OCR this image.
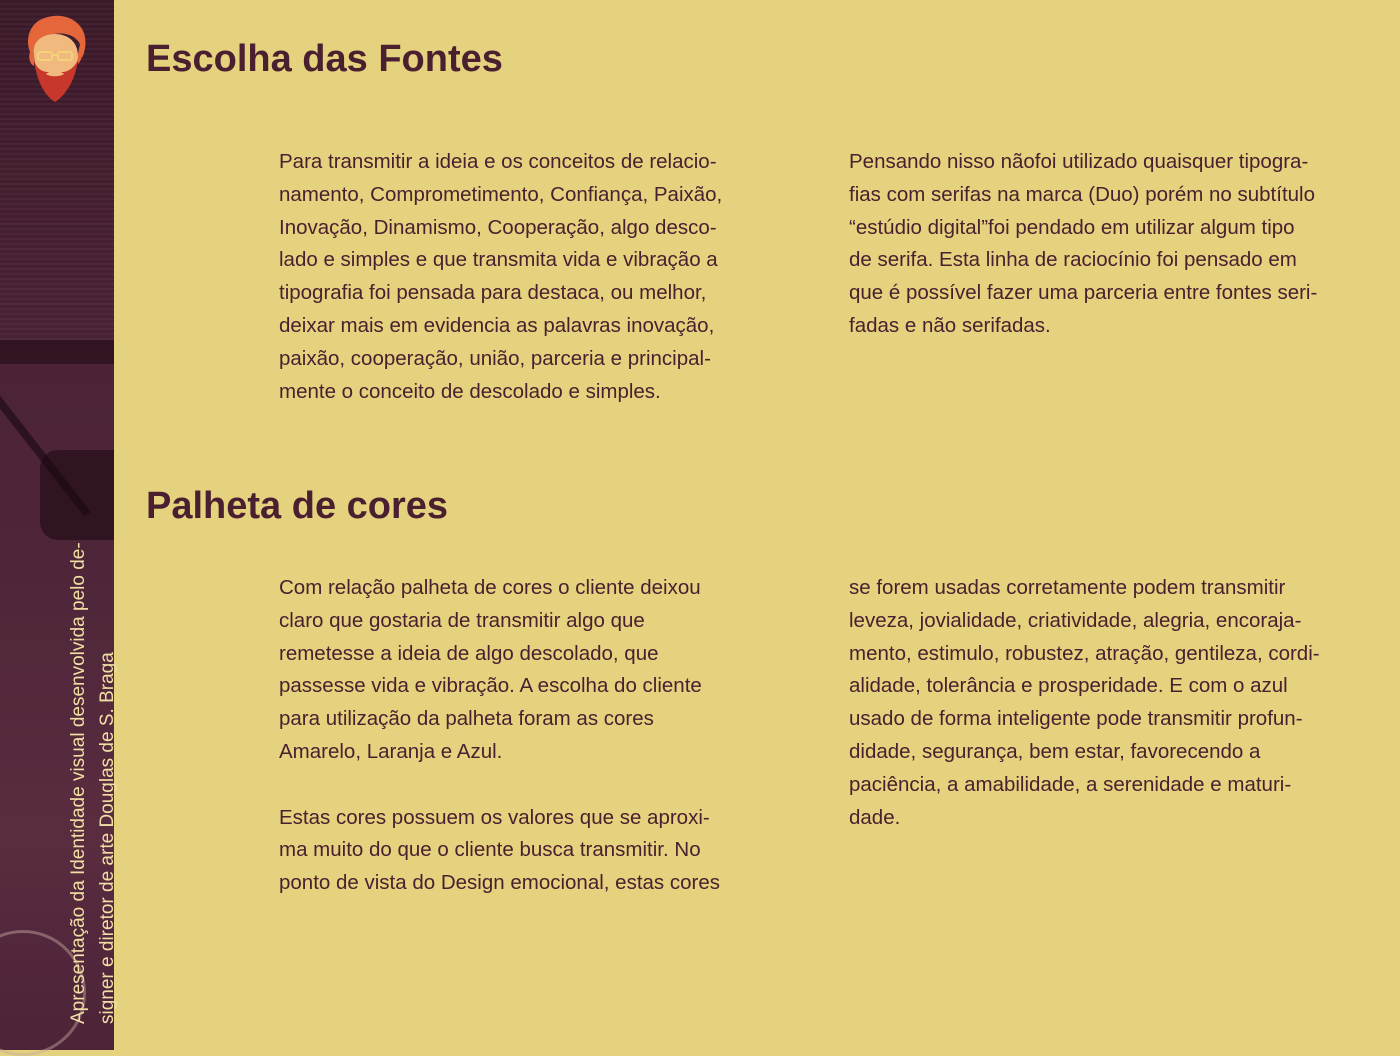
Apresentação da Identidade visual desenvolvida pelo de- signer e diretor de arte Douglas de S. Braga

Escolha das Fontes
Para transmitir a ideia e os conceitos de relacio-
namento, Comprometimento, Confiança, Paixão,
Inovação, Dinamismo, Cooperação, algo desco-
lado e simples e que transmita vida e vibração a
tipografia foi pensada para destaca, ou melhor,
deixar mais em evidencia as palavras inovação,
paixão, cooperação, união, parceria e principal-
mente o conceito de descolado e simples.
Pensando nisso nãofoi utilizado quaisquer tipogra-
fias com serifas na marca (Duo) porém no subtítulo
“estúdio digital”foi pendado em utilizar algum tipo
de serifa. Esta linha de raciocínio foi pensado em
que é possível fazer uma parceria entre fontes seri-
fadas e não serifadas.
Palheta de cores
Com relação palheta de cores o cliente deixou
claro que gostaria de transmitir algo que
remetesse a ideia de algo descolado, que
passesse vida e vibração. A escolha do cliente
para utilização da palheta foram as cores
Amarelo, Laranja e Azul.
Estas cores possuem os valores que se aproxi-
ma muito do que o cliente busca transmitir. No
ponto de vista do Design emocional, estas cores
se forem usadas corretamente podem transmitir
leveza, jovialidade, criatividade, alegria, encoraja-
mento, estimulo, robustez, atração, gentileza, cordi-
alidade, tolerância e prosperidade. E com o azul
usado de forma inteligente pode transmitir profun-
didade, segurança, bem estar, favorecendo a
paciência, a amabilidade, a serenidade e maturi-
dade.
